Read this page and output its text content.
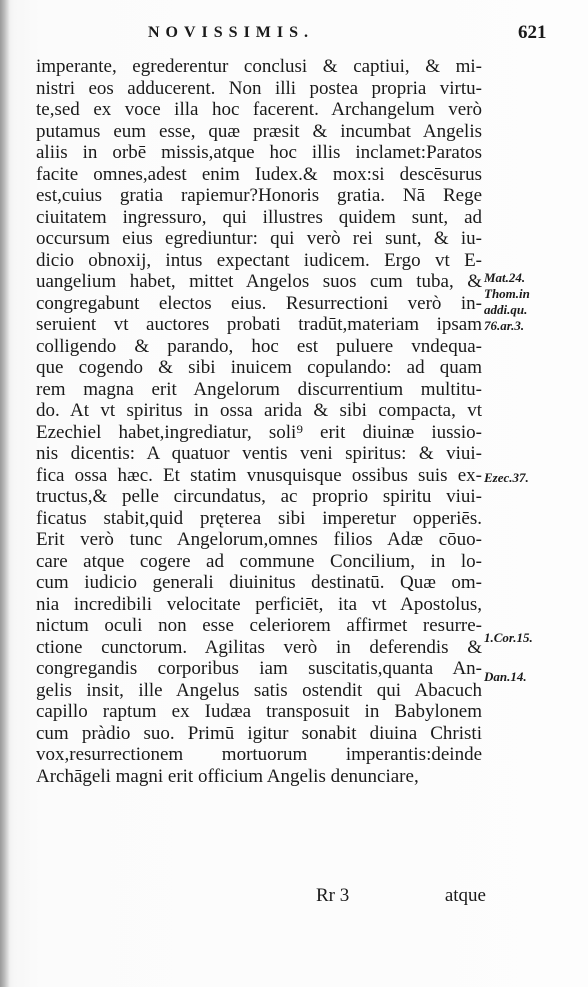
NOVISSIMIS.	621
imperante, egrederentur conclusi & captiui, & mi-
nistri eos adducerent. Non illi postea propria virtu-
te,sed ex voce illa hoc facerent. Archangelum verò
putamus eum esse, quæ præsit & incumbat Angelis
aliis in orbē missis,atque hoc illis inclamet:Paratos
facite omnes,adest enim Iudex.& mox:si descēsurus
est,cuius gratia rapiemur?Honoris gratia. Nā Rege
ciuitatem ingressuro, qui illustres quidem sunt, ad
occursum eius egrediuntur: qui verò rei sunt, & iu-
dicio obnoxij, intus expectant iudicem. Ergo vt E-
uangelium habet, mittet Angelos suos cum tuba, &
congregabunt electos eius. Resurrectioni verò in-
seruient vt auctores probati tradūt,materiam ipsam
colligendo & parando, hoc est puluere vndequa-
que cogendo & sibi inuicem copulando: ad quam
rem magna erit Angelorum discurrentium multitu-
do. At vt spiritus in ossa arida & sibi compacta, vt
Ezechiel habet,ingrediatur, soli⁹ erit diuinæ iussio-
nis dicentis: A quatuor ventis veni spiritus: & viui-
fica ossa hæc. Et statim vnusquisque ossibus suis ex-
tructus,& pelle circundatus, ac proprio spiritu viui-
ficatus stabit,quid pręterea sibi imperetur opperiēs.
Erit verò tunc Angelorum,omnes filios Adæ cōuo-
care atque cogere ad commune Concilium, in lo-
cum iudicio generali diuinitus destinatū. Quæ om-
nia incredibili velocitate perficiēt, ita vt Apostolus,
nictum oculi non esse celeriorem affirmet resurre-
ctione cunctorum. Agilitas verò in deferendis &
congregandis corporibus iam suscitatis,quanta An-
gelis insit, ille Angelus satis ostendit qui Abacuch
capillo raptum ex Iudæa transposuit in Babylonem
cum pràdio suo. Primū igitur sonabit diuina Christi
vox,resurrectionem mortuorum imperantis:deinde
Archāgeli magni erit officium Angelis denunciare,
Mat.24.
Thom.in
addi.qu.
76.ar.3.
Ezec.37.
1.Cor.15.
Dan.14.
Rr 3	atque
